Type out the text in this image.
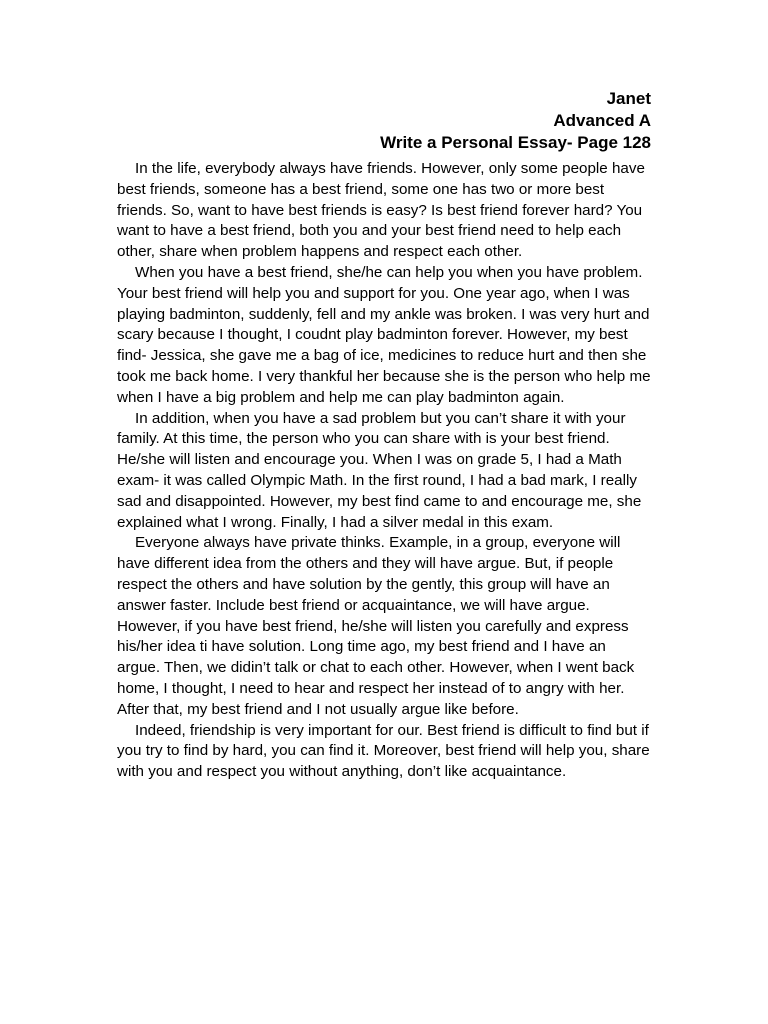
Janet
Advanced A
Write a Personal Essay- Page 128

In the life, everybody always have friends. However, only some people have best friends, someone has a best friend, some one has two or more best friends. So, want to have best friends is easy? Is best friend forever hard? You want to have a best friend, both you and your best friend need to help each other, share when problem happens and respect each other.

When you have a best friend, she/he can help you when you have problem. Your best friend will help you and support for you. One year ago, when I was playing badminton, suddenly, fell and my ankle was broken. I was very hurt and scary because I thought, I coudnt play badminton forever. However, my best find- Jessica, she gave me a bag of ice, medicines to reduce hurt and then she took me back home. I very thankful her because she is the person who help me when I have a big problem and help me can play badminton again.

In addition, when you have a sad problem but you can’t share it with your family. At this time, the person who you can share with is your best friend. He/she will listen and encourage you. When I was on grade 5, I had a Math exam- it was called Olympic Math. In the first round, I had a bad mark, I really sad and disappointed. However, my best find came to and encourage me, she explained what I wrong. Finally, I had a silver medal in this exam.

Everyone always have private thinks. Example, in a group, everyone will have different idea from the others and they will have argue. But, if people respect the others and have solution by the gently, this group will have an answer faster. Include best friend or acquaintance, we will have argue. However, if you have best friend, he/she will listen you carefully and express his/her idea ti have solution. Long time ago, my best friend and I have an argue. Then, we didin’t talk or chat to each other. However, when I went back home, I thought, I need to hear and respect her instead of to angry with her. After that, my best friend and I not usually argue like before.

Indeed, friendship is very important for our. Best friend is difficult to find but if you try to find by hard, you can find it. Moreover, best friend will help you, share with you and respect you without anything, don’t like acquaintance.
